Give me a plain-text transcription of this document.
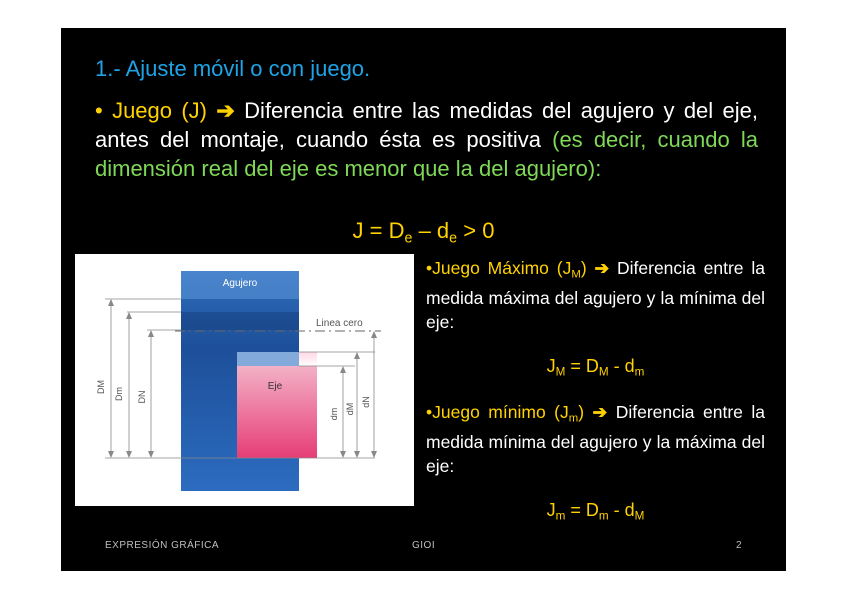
1.- Ajuste móvil o con juego.
• Juego (J) ➔ Diferencia entre las medidas del agujero y del eje, antes del montaje, cuando ésta es positiva (es decir, cuando la dimensión real del eje es menor que la del agujero):
$J = D_e - d_e > 0$
Agujero
Eje
Linea cero
DM Dm DN
dm dM
dN
•Juego Máximo $(J_M)$ ➔ Diferencia entre la medida máxima del agujero y la mínima del eje:
$J_M = D_M - d_m$
•Juego mínimo $(J_m)$ ➔ Diferencia entre la medida mínima del agujero y la máxima del eje:
$J_m = D_m - d_M$
EXPRESIÓN GRÁFICA	GIOI	2
